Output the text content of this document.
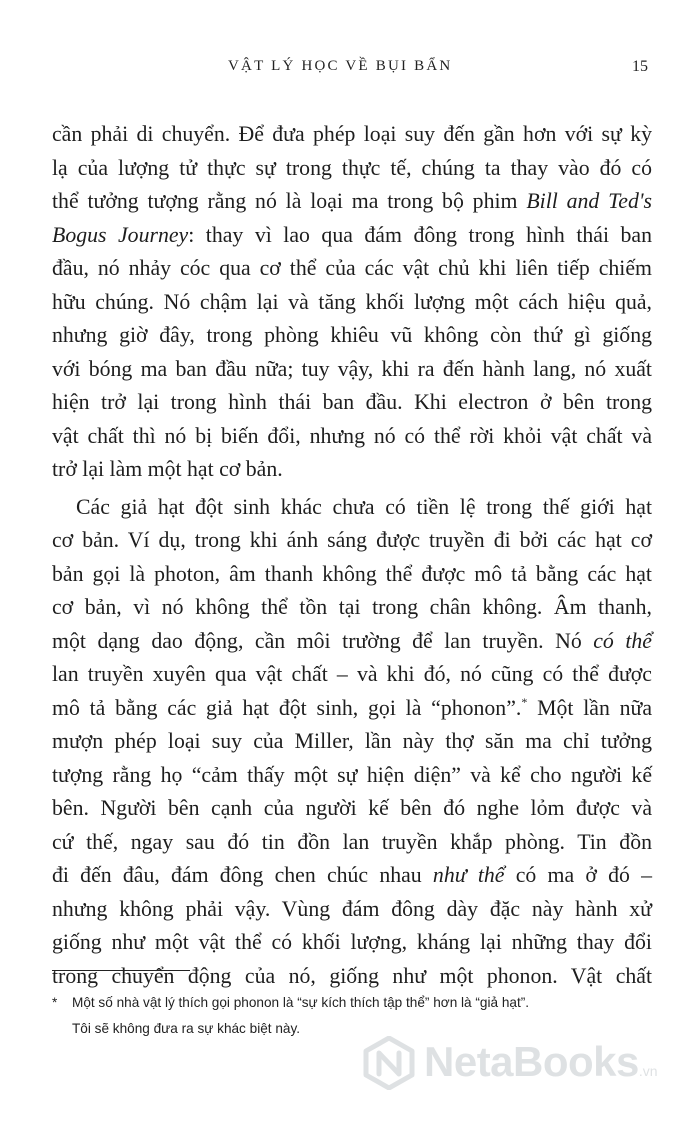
VẬT LÝ HỌC VỀ BỤI BẨN	15
cần phải di chuyển. Để đưa phép loại suy đến gần hơn với sự kỳ
lạ của lượng tử thực sự trong thực tế, chúng ta thay vào đó có
thể tưởng tượng rằng nó là loại ma trong bộ phim Bill and Ted's
Bogus Journey: thay vì lao qua đám đông trong hình thái ban
đầu, nó nhảy cóc qua cơ thể của các vật chủ khi liên tiếp chiếm
hữu chúng. Nó chậm lại và tăng khối lượng một cách hiệu quả,
nhưng giờ đây, trong phòng khiêu vũ không còn thứ gì giống
với bóng ma ban đầu nữa; tuy vậy, khi ra đến hành lang, nó xuất
hiện trở lại trong hình thái ban đầu. Khi electron ở bên trong
vật chất thì nó bị biến đổi, nhưng nó có thể rời khỏi vật chất và
trở lại làm một hạt cơ bản.
Các giả hạt đột sinh khác chưa có tiền lệ trong thế giới hạt
cơ bản. Ví dụ, trong khi ánh sáng được truyền đi bởi các hạt cơ
bản gọi là photon, âm thanh không thể được mô tả bằng các hạt
cơ bản, vì nó không thể tồn tại trong chân không. Âm thanh,
một dạng dao động, cần môi trường để lan truyền. Nó có thể
lan truyền xuyên qua vật chất – và khi đó, nó cũng có thể được
mô tả bằng các giả hạt đột sinh, gọi là “phonon”.* Một lần nữa
mượn phép loại suy của Miller, lần này thợ săn ma chỉ tưởng
tượng rằng họ “cảm thấy một sự hiện diện” và kể cho người kế
bên. Người bên cạnh của người kế bên đó nghe lỏm được và
cứ thế, ngay sau đó tin đồn lan truyền khắp phòng. Tin đồn
đi đến đâu, đám đông chen chúc nhau như thể có ma ở đó –
nhưng không phải vậy. Vùng đám đông dày đặc này hành xử
giống như một vật thể có khối lượng, kháng lại những thay đổi
trong chuyển động của nó, giống như một phonon. Vật chất
* Một số nhà vật lý thích gọi phonon là “sự kích thích tập thể” hơn là “giả hạt”.
Tôi sẽ không đưa ra sự khác biệt này.
NetaBooks.vn
